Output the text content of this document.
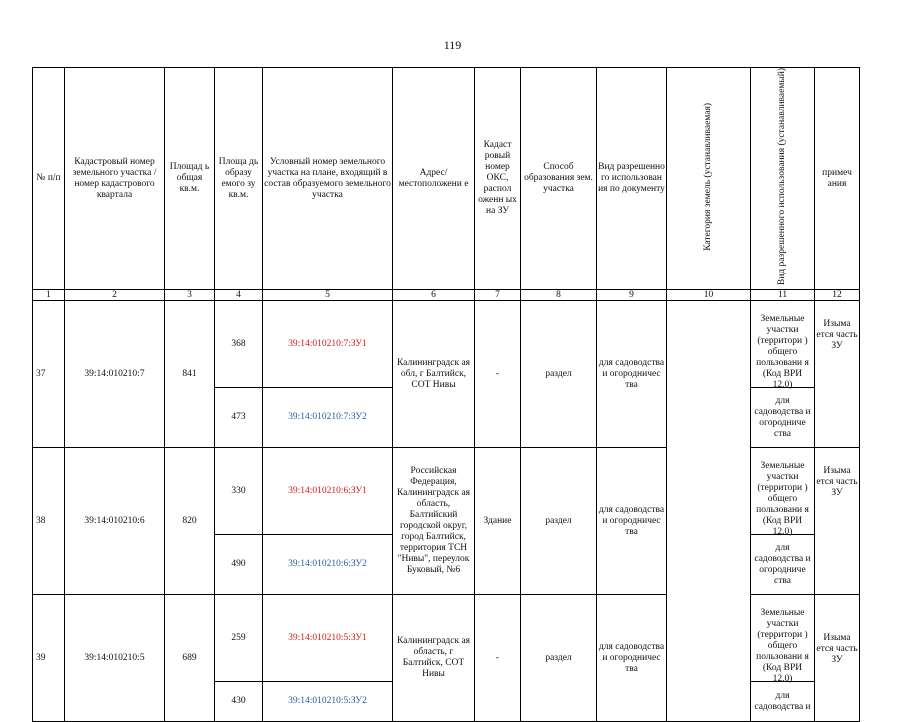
119
№ п/п	Кадастровый номер земельного участка /номер кадастрового квартала	Площад ь общая кв.м.	Площа дь образу емого зу кв.м.	Условный номер земельного участка на плане, входящий в состав образуемого земельного участка	Адрес/ местоположени е	Кадаст ровый номер ОКС, распол оженн ых на ЗУ	Способ образования зем. участка	Вид разрешенно го использован ия по документу	Категория земель (устанавливаемая)	Вид разрешенного использования (устанавливаемый)	примеч ания
1	2	3	4	5	6	7	8	9	10	11	12
37	39:14:010210:7	841	368	39:14:010210:7:ЗУ1	Калининградск ая обл, г Балтийск, СОТ Нивы	-	раздел	для садоводства и огородничес тва		Земельные участки (территори ) общего пользовани я (Код ВРИ 12.0)	Изыма ется часть ЗУ
			473	39:14:010210:7:ЗУ2						для садоводства и огородниче ства	

38	39:14:010210:6	820	330	39:14:010210:6:ЗУ1	Российская Федерация, Калининградск ая область, Балтийский городской округ, город Балтийск, территория ТСН "Нивы", переулок Буковый, №6	Здание	раздел	для садоводства и огородничес тва		Земельные участки (территори ) общего пользовани я (Код ВРИ 12.0)	Изыма ется часть ЗУ
			490	39:14:010210:6:ЗУ2						для садоводства и огородниче ства	

39	39:14:010210:5	689	259	39:14:010210:5:ЗУ1	Калининградск ая область, г Балтийск, СОТ Нивы	-	раздел	для садоводства и огородничес тва		Земельные участки (территори ) общего пользовани я (Код ВРИ 12.0)	Изыма ется часть ЗУ
			430	39:14:010210:5:ЗУ2						для садоводства и	
